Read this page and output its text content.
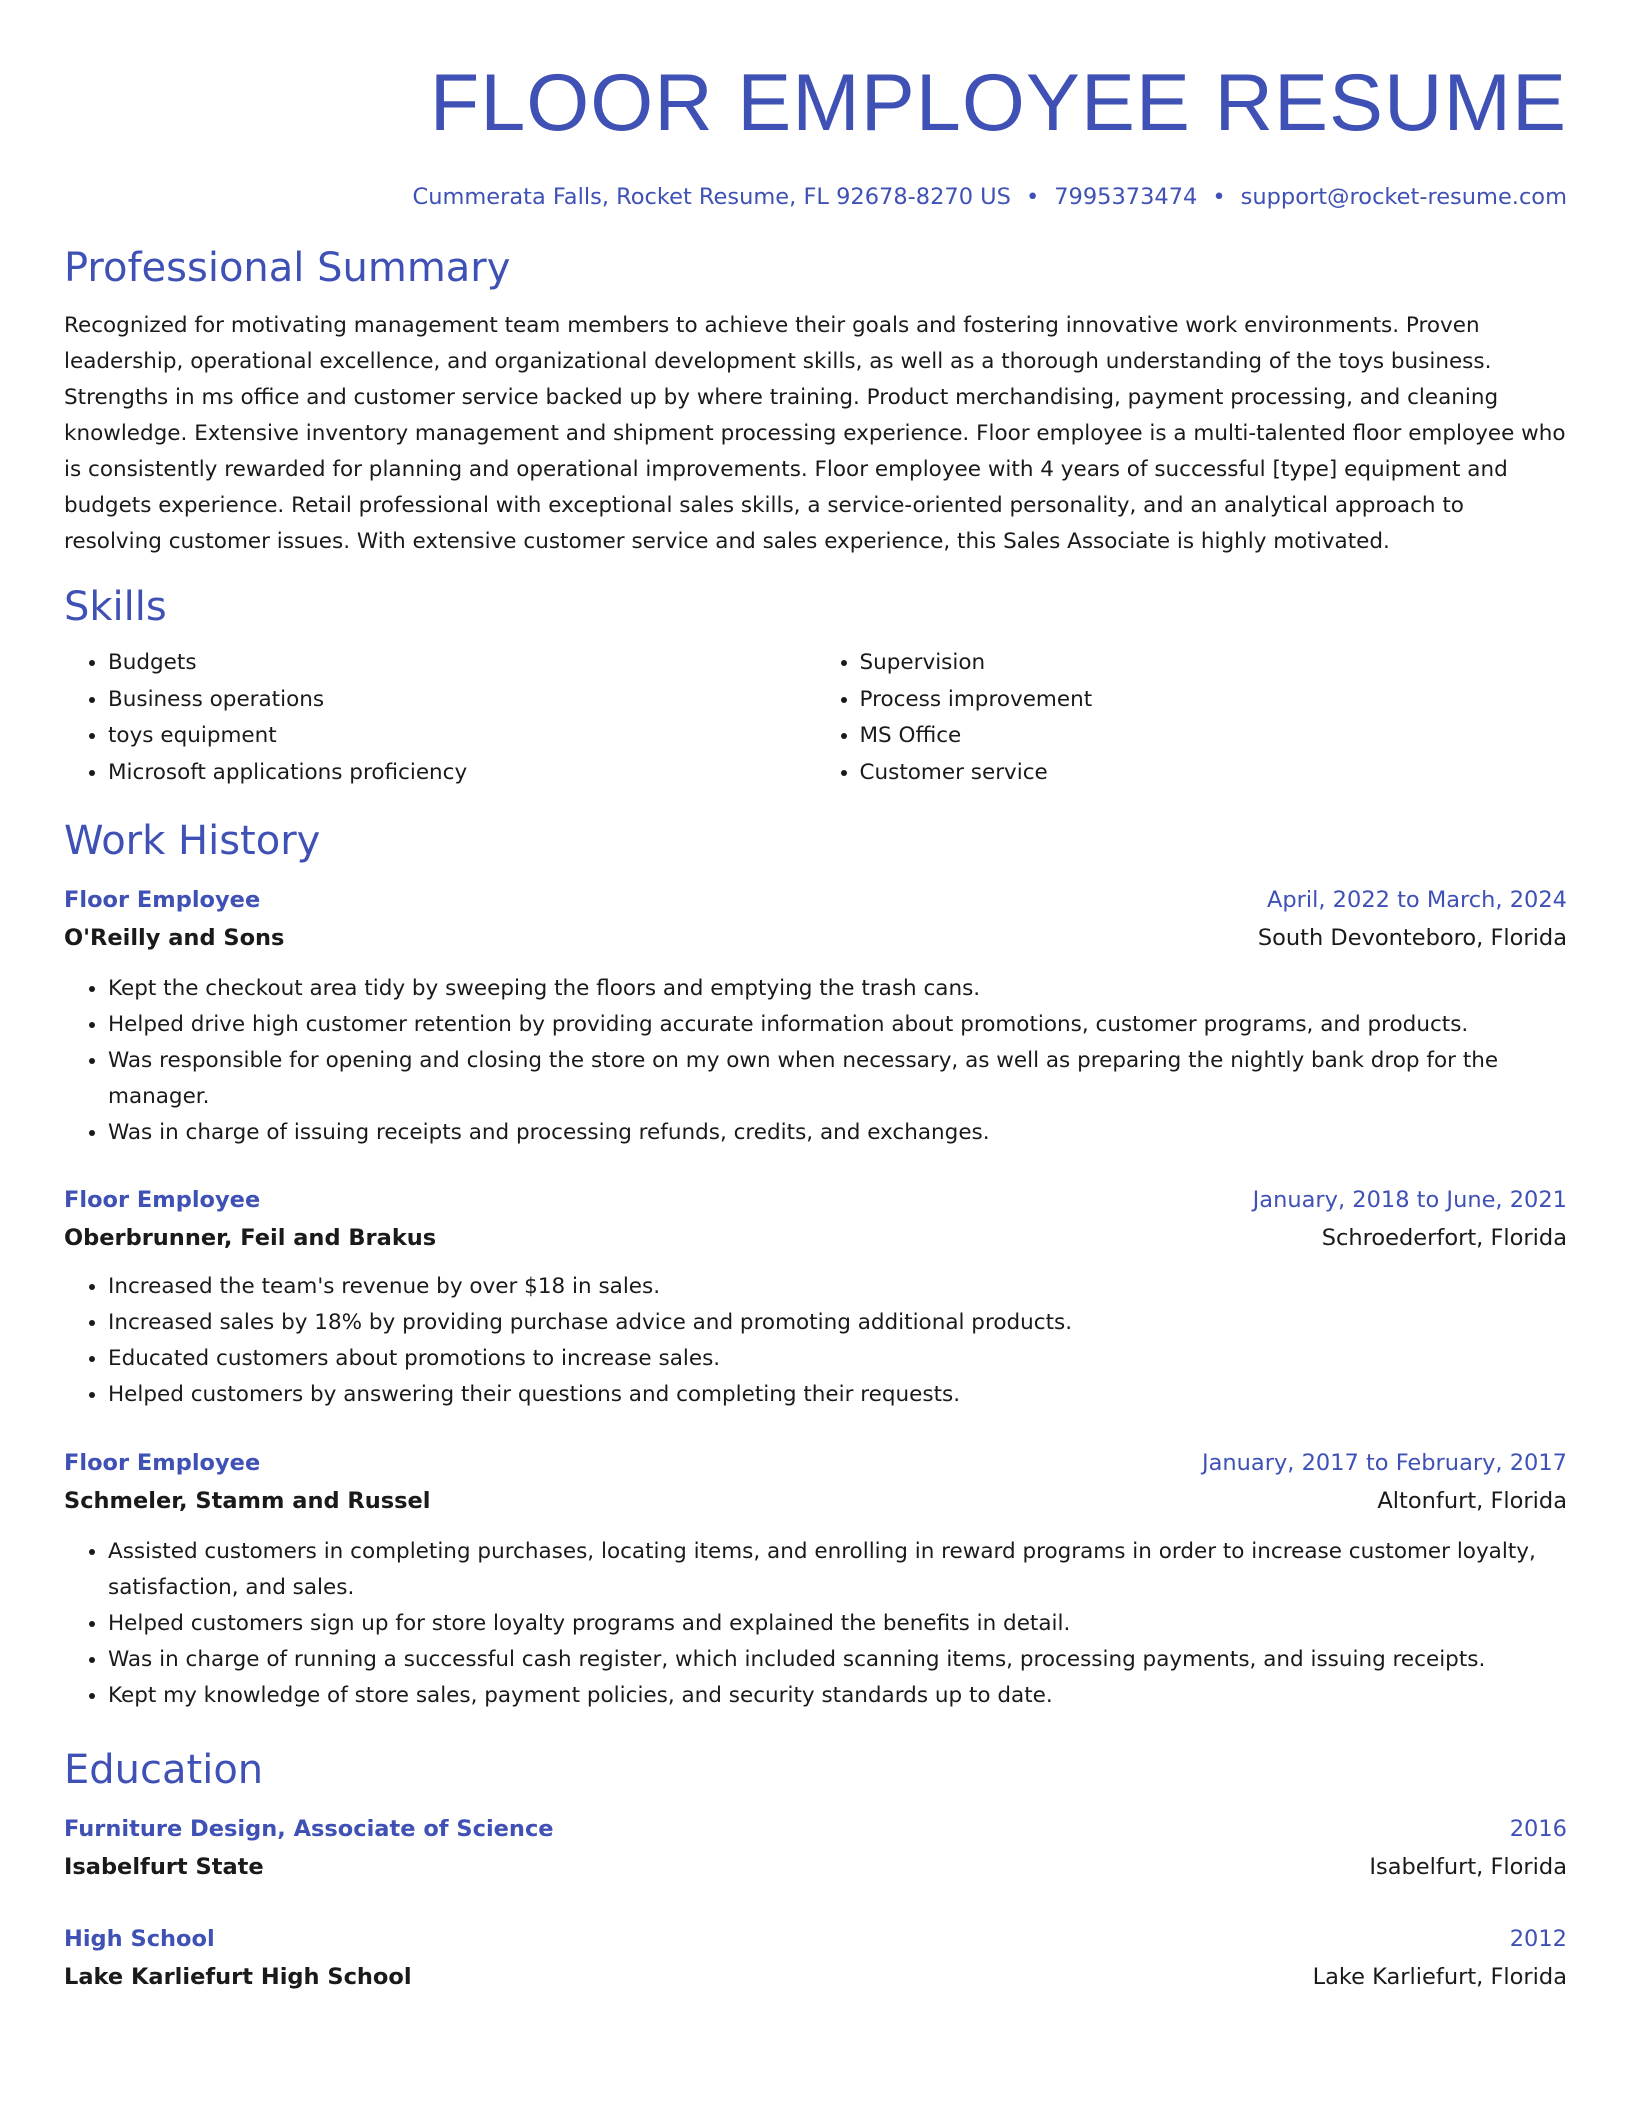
FLOOR EMPLOYEE RESUME
Cummerata Falls, Rocket Resume, FL 92678-8270 US • 7995373474 • support@rocket-resume.com
Professional Summary

Recognized for motivating management team members to achieve their goals and fostering innovative work environments. Proven leadership, operational excellence, and organizational development skills, as well as a thorough understanding of the toys business. Strengths in ms office and customer service backed up by where training. Product merchandising, payment processing, and cleaning knowledge. Extensive inventory management and shipment processing experience. Floor employee is a multi-talented floor employee who is consistently rewarded for planning and operational improvements. Floor employee with 4 years of successful [type] equipment and budgets experience. Retail professional with exceptional sales skills, a service-oriented personality, and an analytical approach to resolving customer issues. With extensive customer service and sales experience, this Sales Associate is highly motivated.

Skills
• Budgets
• Business operations
• toys equipment
• Microsoft applications proficiency
• Supervision
• Process improvement
• MS Office
• Customer service
Work History
Floor Employee	April, 2022 to March, 2024
O'Reilly and Sons	South Devonteboro, Florida
• Kept the checkout area tidy by sweeping the floors and emptying the trash cans.
• Helped drive high customer retention by providing accurate information about promotions, customer programs, and products.
• Was responsible for opening and closing the store on my own when necessary, as well as preparing the nightly bank drop for the manager.
• Was in charge of issuing receipts and processing refunds, credits, and exchanges.
Floor Employee	January, 2018 to June, 2021
Oberbrunner, Feil and Brakus	Schroederfort, Florida
• Increased the team's revenue by over $18 in sales.
• Increased sales by 18% by providing purchase advice and promoting additional products.
• Educated customers about promotions to increase sales.
• Helped customers by answering their questions and completing their requests.
Floor Employee	January, 2017 to February, 2017
Schmeler, Stamm and Russel	Altonfurt, Florida
• Assisted customers in completing purchases, locating items, and enrolling in reward programs in order to increase customer loyalty, satisfaction, and sales.
• Helped customers sign up for store loyalty programs and explained the benefits in detail.
• Was in charge of running a successful cash register, which included scanning items, processing payments, and issuing receipts.
• Kept my knowledge of store sales, payment policies, and security standards up to date.
Education
Furniture Design, Associate of Science	2016
Isabelfurt State	Isabelfurt, Florida
High School	2012
Lake Karliefurt High School	Lake Karliefurt, Florida
